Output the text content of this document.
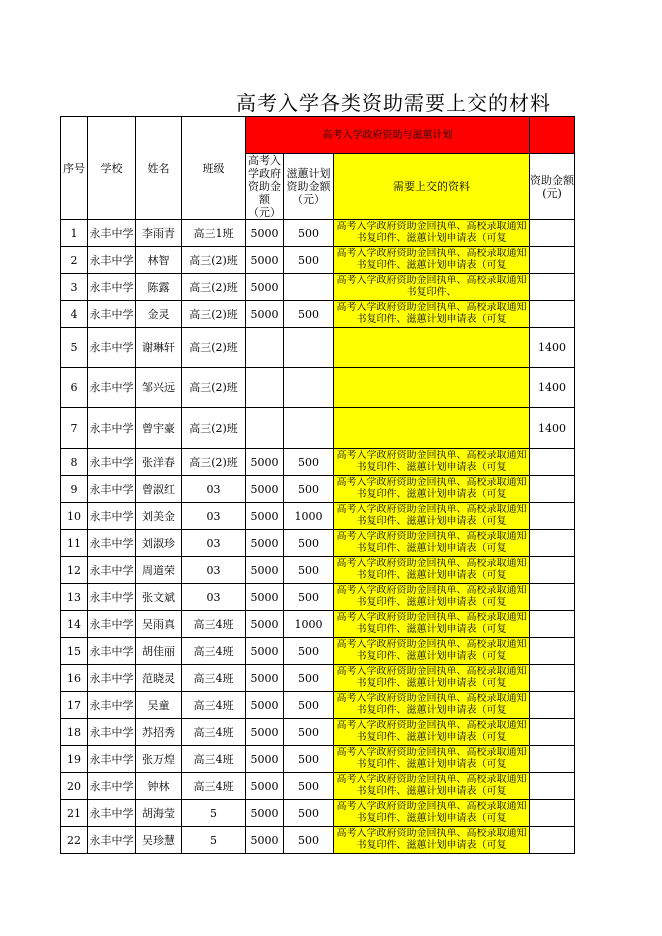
高考入学各类资助需要上交的材料
序号	学校	姓名	班级	高考入学政府资助与滋蕙计划			
				高考入学政府资助金额（元）	滋蕙计划资助金额（元）	需要上交的资料	资助金额(元)
1	永丰中学	李雨青	高三1班	5000	500	高考入学政府资助金回执单、高校录取通知书复印件、滋蕙计划申请表（可复	

2	永丰中学	林智	高三(2)班	5000	500	高考入学政府资助金回执单、高校录取通知书复印件、滋蕙计划申请表（可复	

3	永丰中学	陈露	高三(2)班	5000		高考入学政府资助金回执单、高校录取通知书复印件、	

4	永丰中学	金灵	高三(2)班	5000	500	高考入学政府资助金回执单、高校录取通知书复印件、滋蕙计划申请表（可复	

5	永丰中学	谢琳轩	高三(2)班				1400
6	永丰中学	邹兴远	高三(2)班				1400
7	永丰中学	曾宇豪	高三(2)班				1400
8	永丰中学	张洋春	高三(2)班	5000	500	高考入学政府资助金回执单、高校录取通知书复印件、滋蕙计划申请表（可复	

9	永丰中学	曾淑红	03	5000	500	高考入学政府资助金回执单、高校录取通知书复印件、滋蕙计划申请表（可复	

10	永丰中学	刘美金	03	5000	1000	高考入学政府资助金回执单、高校录取通知书复印件、滋蕙计划申请表（可复	

11	永丰中学	刘淑珍	03	5000	500	高考入学政府资助金回执单、高校录取通知书复印件、滋蕙计划申请表（可复	

12	永丰中学	周道荣	03	5000	500	高考入学政府资助金回执单、高校录取通知书复印件、滋蕙计划申请表（可复	

13	永丰中学	张文斌	03	5000	500	高考入学政府资助金回执单、高校录取通知书复印件、滋蕙计划申请表（可复	

14	永丰中学	吴雨真	高三4班	5000	1000	高考入学政府资助金回执单、高校录取通知书复印件、滋蕙计划申请表（可复	

15	永丰中学	胡佳丽	高三4班	5000	500	高考入学政府资助金回执单、高校录取通知书复印件、滋蕙计划申请表（可复	

16	永丰中学	范晓灵	高三4班	5000	500	高考入学政府资助金回执单、高校录取通知书复印件、滋蕙计划申请表（可复	

17	永丰中学	吴童	高三4班	5000	500	高考入学政府资助金回执单、高校录取通知书复印件、滋蕙计划申请表（可复	

18	永丰中学	苏招秀	高三4班	5000	500	高考入学政府资助金回执单、高校录取通知书复印件、滋蕙计划申请表（可复	

19	永丰中学	张万煌	高三4班	5000	500	高考入学政府资助金回执单、高校录取通知书复印件、滋蕙计划申请表（可复	

20	永丰中学	钟林	高三4班	5000	500	高考入学政府资助金回执单、高校录取通知书复印件、滋蕙计划申请表（可复	

21	永丰中学	胡海莹	5	5000	500	高考入学政府资助金回执单、高校录取通知书复印件、滋蕙计划申请表（可复	

22	永丰中学	吴珍慧	5	5000	500	高考入学政府资助金回执单、高校录取通知书复印件、滋蕙计划申请表（可复	
